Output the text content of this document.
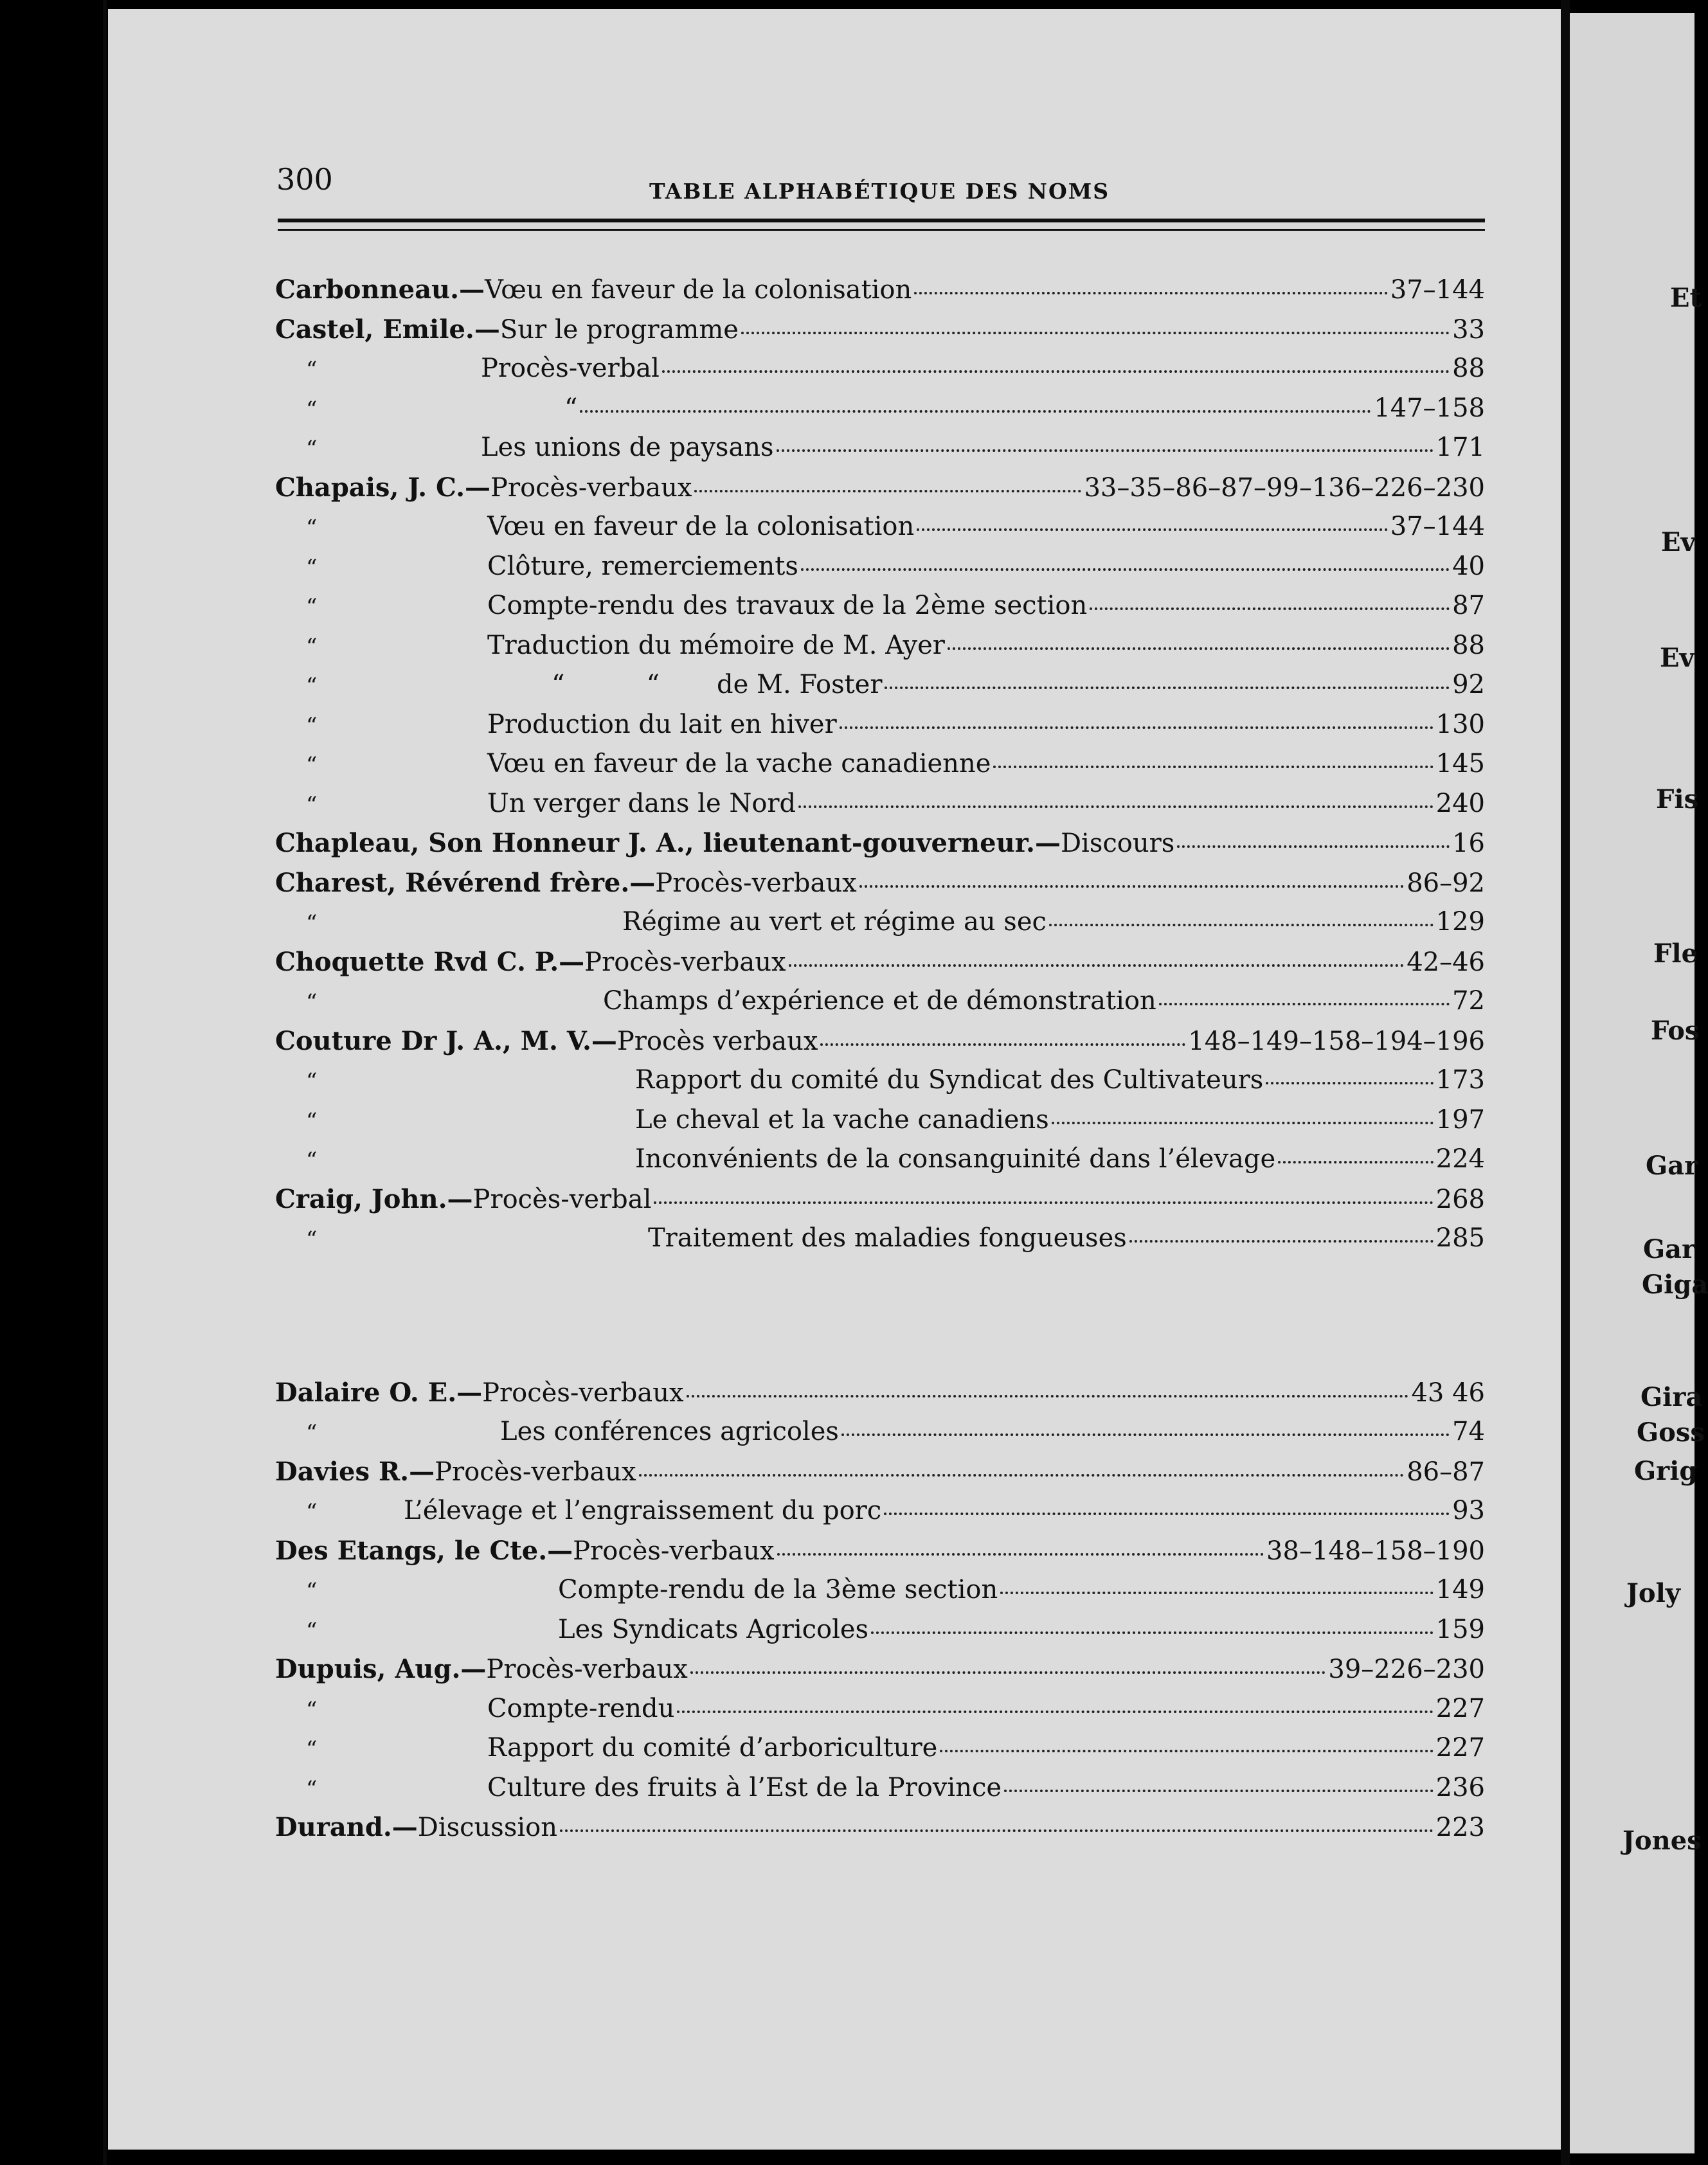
300	TABLE ALPHABÉTIQUE DES NOMS
Carbonneau. — Vœu en faveur de la colonisation	37–144
Castel, Emile. — Sur le programme	33
“	Procès-verbal	88
“	“	147–158
“	Les unions de paysans	171
Chapais, J. C. — Procès-verbaux	33–35–86–87–99–136–226–230
“	Vœu en faveur de la colonisation	37–144
“	Clôture, remerciements	40
“	Compte-rendu des travaux de la 2ème section	87
“	Traduction du mémoire de M. Ayer	88
“	“          “       de M. Foster	92
“	Production du lait en hiver	130
“	Vœu en faveur de la vache canadienne	145
“	Un verger dans le Nord	240
Chapleau, Son Honneur J. A., lieutenant-gouverneur. — Discours	16
Charest, Révérend frère. — Procès-verbaux	86–92
“	Régime au vert et régime au sec	129
Choquette Rvd C. P. — Procès-verbaux	42–46
“	Champs d’expérience et de démonstration	72
Couture Dr J. A., M. V. — Procès verbaux	148–149–158–194–196
“	Rapport du comité du Syndicat des Cultivateurs	173
“	Le cheval et la vache canadiens	197
“	Inconvénients de la consanguinité dans l’élevage	224
Craig, John. — Procès-verbal	268
“	Traitement des maladies fongueuses	285
Dalaire O. E. — Procès-verbaux	43 46
“	Les conférences agricoles	74
Davies R. — Procès-verbaux	86–87
“	L’élevage et l’engraissement du porc	93
Des Etangs, le Cte. — Procès-verbaux	38–148–158–190
“	Compte-rendu de la 3ème section	149
“	Les Syndicats Agricoles	159
Dupuis, Aug. — Procès-verbaux	39–226–230
“	Compte-rendu	227
“	Rapport du comité d’arboriculture	227
“	Culture des fruits à l’Est de la Province	236
Durand. — Discussion	223
Et
Ev
Ev
Fis
Fle
Fos
Gar
Gar
Giga
Gira
Goss
Grig
Joly
Jones
